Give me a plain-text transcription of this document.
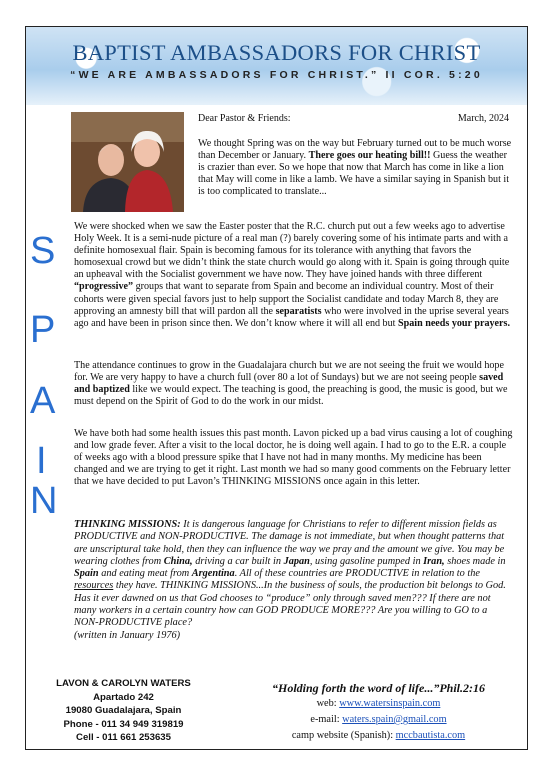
BAPTIST AMBASSADORS FOR CHRIST
“WE ARE AMBASSADORS FOR CHRIST.” II COR. 5:20
Dear Pastor & Friends:	March, 2024

We thought Spring was on the way but February turned out to be much worse than December or January. There goes our heating bill!! Guess the weather is crazier than ever. So we hope that now that March has come in like a lion that May will come in like a lamb. We have a similar saying in Spanish but it is too complicated to translate...

We were shocked when we saw the Easter poster that the R.C. church put out a few weeks ago to advertise Holy Week. It is a semi-nude picture of a real man (?) barely covering some of his intimate parts and with a definite homosexual flair. Spain is becoming famous for its tolerance with anything that favors the homosexual crowd but we didn’t think the state church would go along with it. Spain is going through quite an upheaval with the Socialist government we have now. They have joined hands with three different “progressive” groups that want to separate from Spain and become an individual country. Most of their cohorts were given special favors just to help support the Socialist candidate and today March 8, they are approving an amnesty bill that will pardon all the separatists who were involved in the uprise several years ago and have been in prison since then. We don’t know where it will all end but Spain needs your prayers.

The attendance continues to grow in the Guadalajara church but we are not seeing the fruit we would hope for. We are very happy to have a church full (over 80 a lot of Sundays) but we are not seeing people saved and baptized like we would expect. The teaching is good, the preaching is good, the music is good, but we must depend on the Spirit of God to do the work in our midst.

We have both had some health issues this past month. Lavon picked up a bad virus causing a lot of coughing and low grade fever. After a visit to the local doctor, he is doing well again. I had to go to the E.R. a couple of weeks ago with a blood pressure spike that I have not had in many months. My medicine has been changed and we are trying to get it right. Last month we had so many good comments on the February letter that we have decided to put Lavon’s THINKING MISSIONS once again in this letter.

S
P
A
I
N

THINKING MISSIONS: It is dangerous language for Christians to refer to different mission fields as PRODUCTIVE and NON-PRODUCTIVE. The damage is not immediate, but when thought patterns that are unscriptural take hold, then they can influence the way we pray and the amount we give. You may be wearing clothes from China, driving a car built in Japan, using gasoline pumped in Iran, shoes made in Spain and eating meat from Argentina. All of these countries are PRODUCTIVE in relation to the resources they have. THINKING MISSIONS...In the business of souls, the production bit belongs to God. Has it ever dawned on us that God chooses to “produce” only through saved men??? If there are not many workers in a certain country how can GOD PRODUCE MORE??? Are you willing to GO to a NON-PRODUCTIVE place?
(written in January 1976)

LAVON & CAROLYN WATERS
Apartado 242
19080 Guadalajara, Spain
Phone - 011 34 949 319819
Cell - 011 661 253635
“Holding forth the word of life...”Phil.2:16
web: www.watersinspain.com
e-mail: waters.spain@gmail.com
camp website (Spanish): mccbautista.com
